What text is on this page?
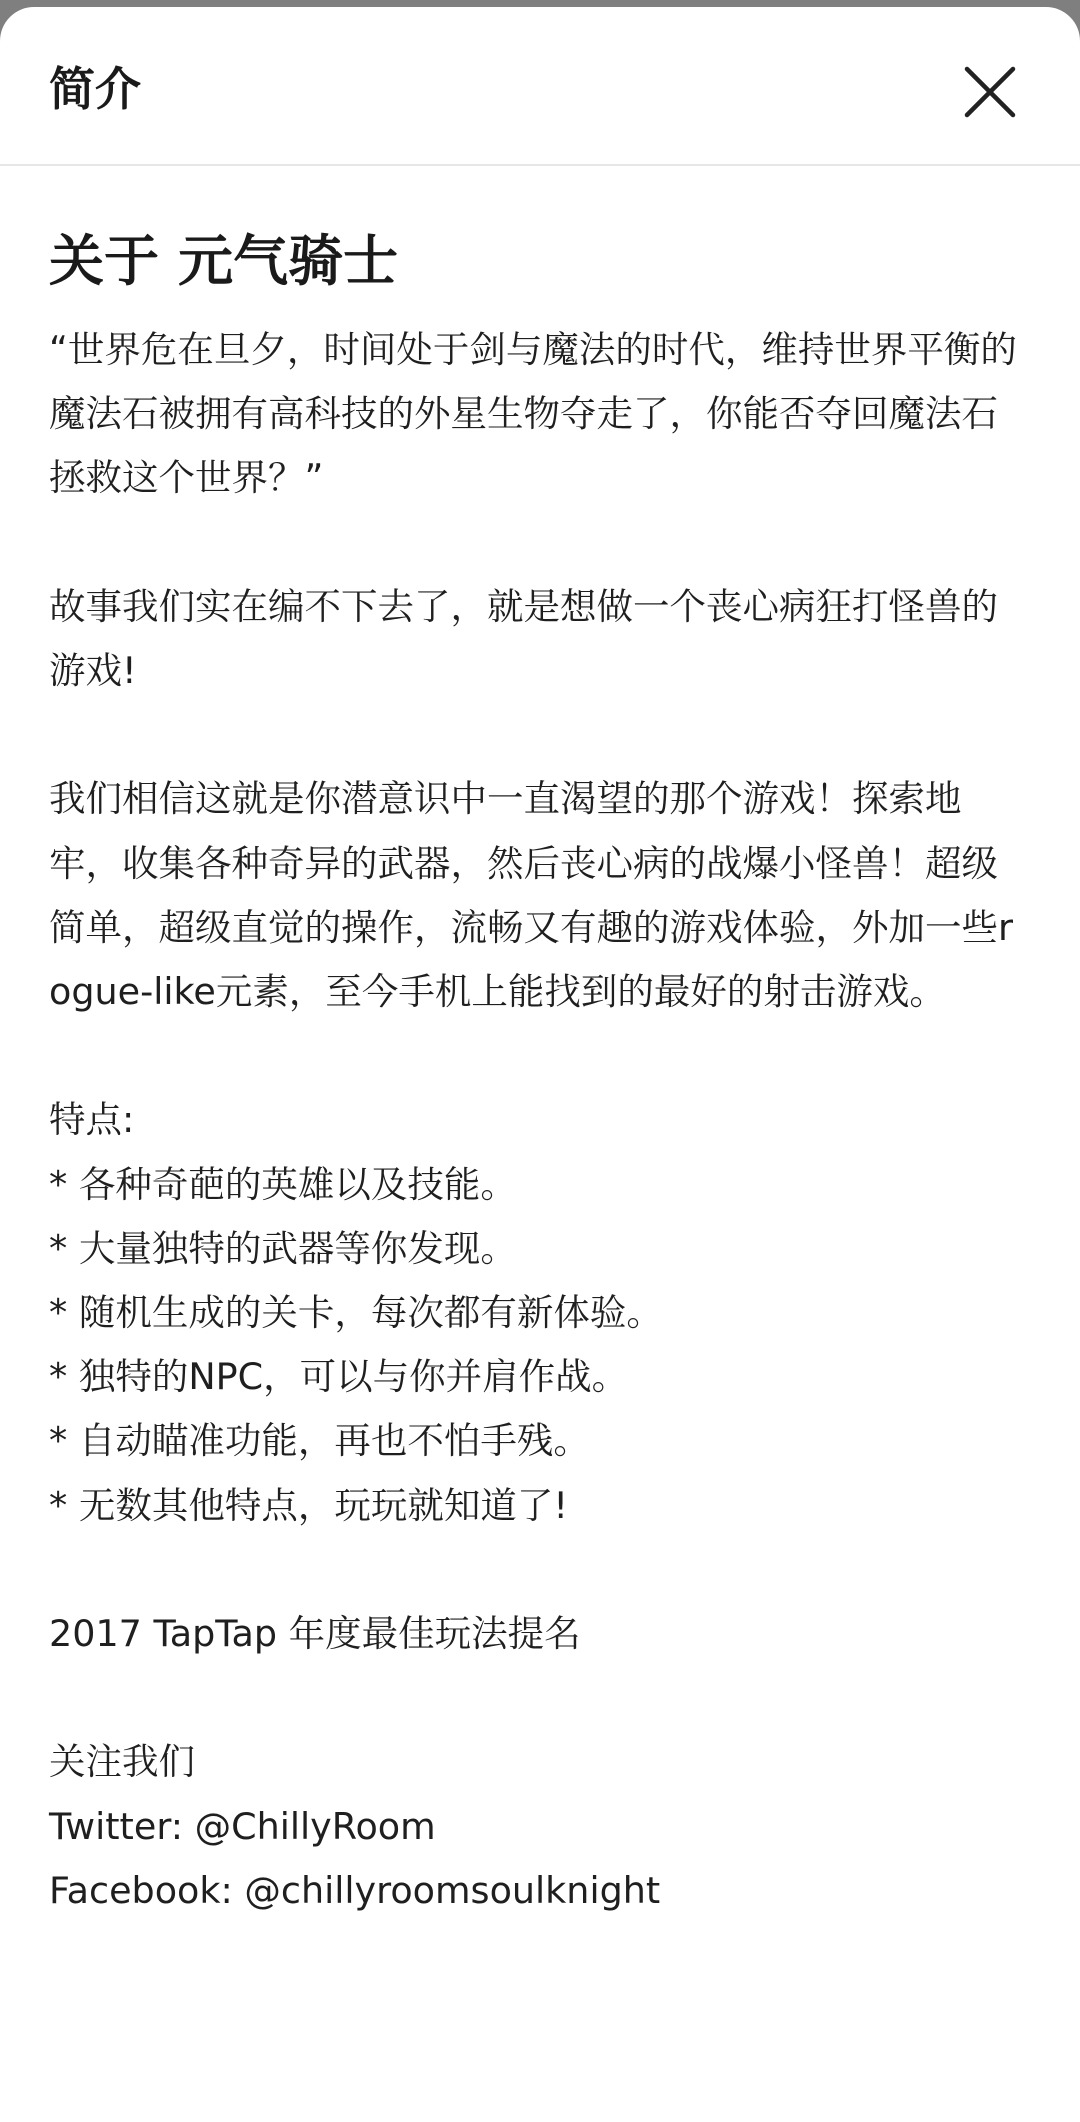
简介
关于 元气骑士
“世界危在旦夕，时间处于剑与魔法的时代，维持世界平衡的魔法石被拥有高科技的外星生物夺走了，你能否夺回魔法石拯救这个世界？”

故事我们实在编不下去了，就是想做一个丧心病狂打怪兽的游戏!

我们相信这就是你潜意识中一直渴望的那个游戏！探索地牢，收集各种奇异的武器，然后丧心病的战爆小怪兽！超级简单，超级直觉的操作，流畅又有趣的游戏体验，外加一些rogue-like元素，至今手机上能找到的最好的射击游戏。

特点:
* 各种奇葩的英雄以及技能。
* 大量独特的武器等你发现。
* 随机生成的关卡，每次都有新体验。
* 独特的NPC，可以与你并肩作战。
* 自动瞄准功能，再也不怕手残。
* 无数其他特点，玩玩就知道了!

2017 TapTap 年度最佳玩法提名

关注我们
Twitter: @ChillyRoom
Facebook: @chillyroomsoulknight
